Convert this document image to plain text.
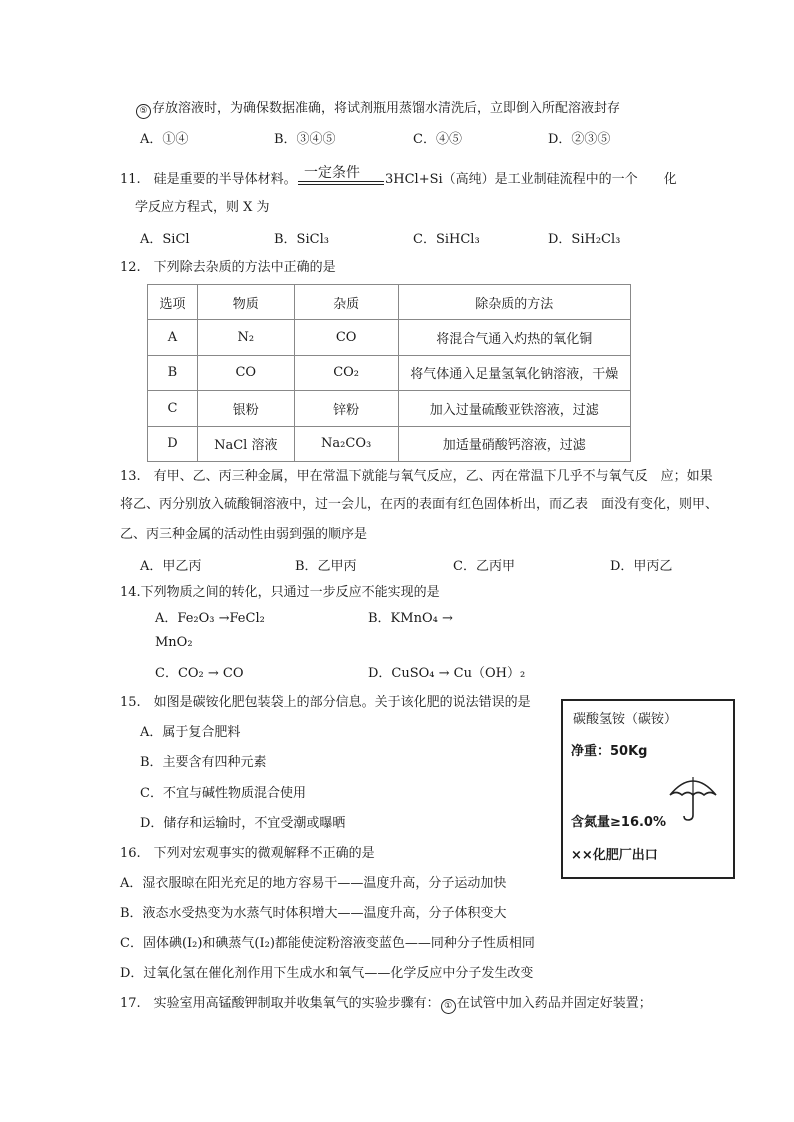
⑤ 存放溶液时，为确保数据准确，将试剂瓶用蒸馏水清洗后，立即倒入所配溶液封存
A．①④	B．③④⑤	C．④⑤	D．②③⑤
11.　硅是重要的半导体材料。 一定条件 3HCl+Si（高纯）是工业制硅流程中的一个　　化
学反应方程式，则 X 为
A．SiCl	B．SiCl₃	C．SiHCl₃	D．SiH₂Cl₃
12.　下列除去杂质的方法中正确的是
选项	物质	杂质	除杂质的方法
A	N₂	CO	将混合气通入灼热的氧化铜
B	CO	CO₂	将气体通入足量氢氧化钠溶液，干燥
C	银粉	锌粉	加入过量硫酸亚铁溶液，过滤
D	NaCl 溶液	Na₂CO₃	加适量硝酸钙溶液，过滤
13.　有甲、乙、丙三种金属，甲在常温下就能与氧气反应，乙、丙在常温下几乎不与氧气反　应；如果
将乙、丙分别放入硫酸铜溶液中，过一会儿，在丙的表面有红色固体析出，而乙表　面没有变化，则甲、
乙、丙三种金属的活动性由弱到强的顺序是
A．甲乙丙	B．乙甲丙	C．乙丙甲	D．甲丙乙
14.下列物质之间的转化，只通过一步反应不能实现的是
A．Fe₂O₃ →FeCl₂	B．KMnO₄ →
MnO₂
C．CO₂ → CO	D．CuSO₄ → Cu（OH）₂
15.　如图是碳铵化肥包装袋上的部分信息。关于该化肥的说法错误的是
A．属于复合肥料
B．主要含有四种元素
C．不宜与碱性物质混合使用
D．储存和运输时，不宜受潮或曝晒
碳酸氢铵（碳铵）
净重：50Kg
含氮量≥16.0%
××化肥厂出口
16.　下列对宏观事实的微观解释不正确的是
A．湿衣服晾在阳光充足的地方容易干——温度升高，分子运动加快
B．液态水受热变为水蒸气时体积增大——温度升高，分子体积变大
C．固体碘(I₂)和碘蒸气(I₂)都能使淀粉溶液变蓝色——同种分子性质相同
D．过氧化氢在催化剂作用下生成水和氧气——化学反应中分子发生改变
17.　实验室用高锰酸钾制取并收集氧气的实验步骤有： ① 在试管中加入药品并固定好装置；
